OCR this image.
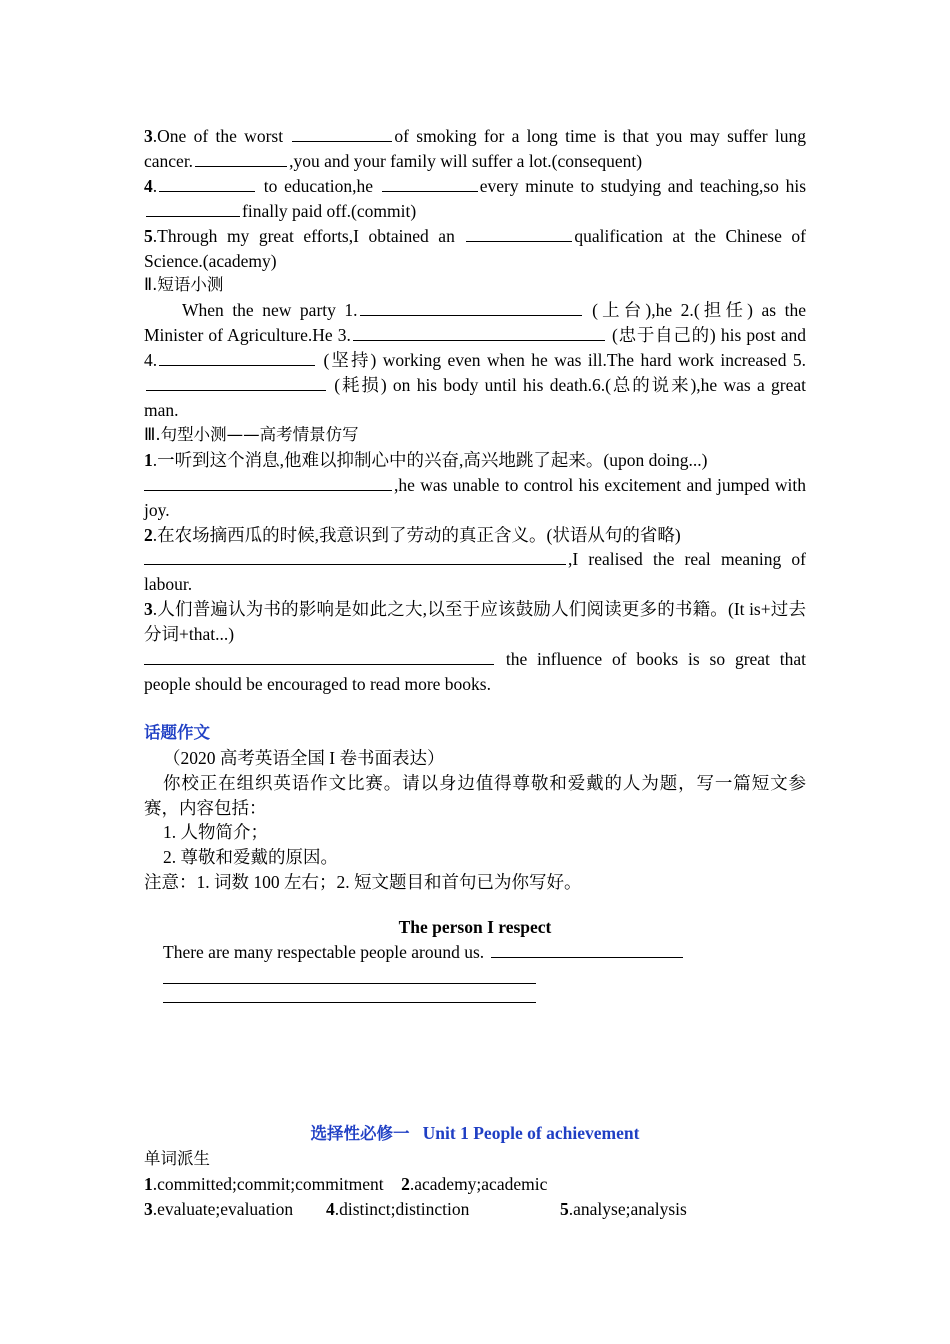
3.One of the worst	of smoking for a long time is that you may suffer lung cancer.	,you and your family will suffer a lot.(consequent)

4.	to education,he	every minute to studying and teaching,so his finally paid off.(commit)

5.Through my great efforts,I obtained an	qualification at the Chinese of Science.(academy)

Ⅱ.短语小测

When the new party 1.	(上台),he 2.(担任) as the Minister of Agriculture.He 3.	(忠于自己的) his post and 4.	(坚持) working even when he was ill.The hard work increased 5. (耗损) on his body until his death.6.(总的说来),he was a great man.

Ⅲ.句型小测——高考情景仿写

1.一听到这个消息,他难以抑制心中的兴奋,高兴地跳了起来。(upon doing...)

,he was unable to control his excitement and jumped with joy.

2.在农场摘西瓜的时候,我意识到了劳动的真正含义。(状语从句的省略)

,I realised the real meaning of labour.

3.人们普遍认为书的影响是如此之大,以至于应该鼓励人们阅读更多的书籍。(It is+过去分词+that...)

the influence of books is so great that people should be encouraged to read more books.

话题作文

（2020 高考英语全国 I 卷书面表达）

你校正在组织英语作文比赛。请以身边值得尊敬和爱戴的人为题，写一篇短文参赛，内容包括：

1. 人物简介；

2. 尊敬和爱戴的原因。

注意：1. 词数 100 左右；2. 短文题目和首句已为你写好。

The person I respect

There are many respectable people around us.

选择性必修一 Unit 1 People of achievement

单词派生

1.committed;commit;commitment 2.academy;academic

3.evaluate;evaluation 4.distinct;distinction	5.analyse;analysis
